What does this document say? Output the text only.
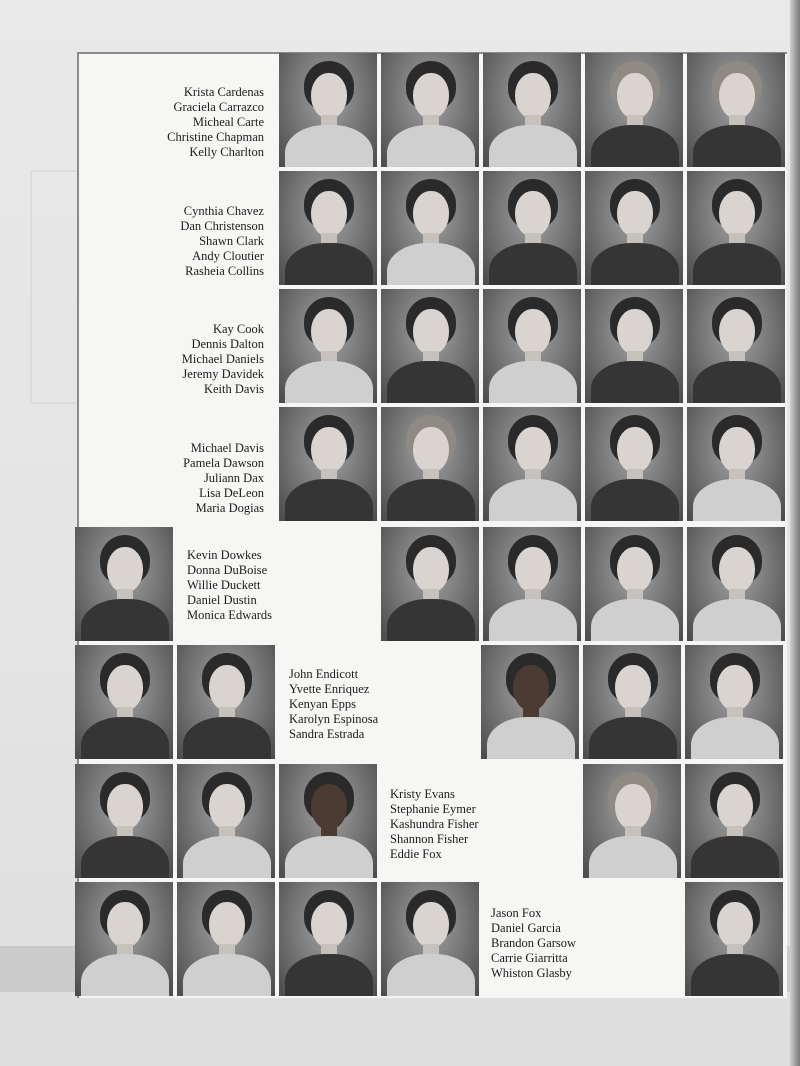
Krista Cardenas
Graciela Carrazco
Micheal Carte
Christine Chapman
Kelly Charlton
Cynthia Chavez
Dan Christenson
Shawn Clark
Andy Cloutier
Rasheia Collins
Kay Cook
Dennis Dalton
Michael Daniels
Jeremy Davidek
Keith Davis
Michael Davis
Pamela Dawson
Juliann Dax
Lisa DeLeon
Maria Dogias
Kevin Dowkes
Donna DuBoise
Willie Duckett
Daniel Dustin
Monica Edwards
John Endicott
Yvette Enriquez
Kenyan Epps
Karolyn Espinosa
Sandra Estrada
Kristy Evans
Stephanie Eymer
Kashundra Fisher
Shannon Fisher
Eddie Fox
Jason Fox
Daniel Garcia
Brandon Garsow
Carrie Giarritta
Whiston Glasby
